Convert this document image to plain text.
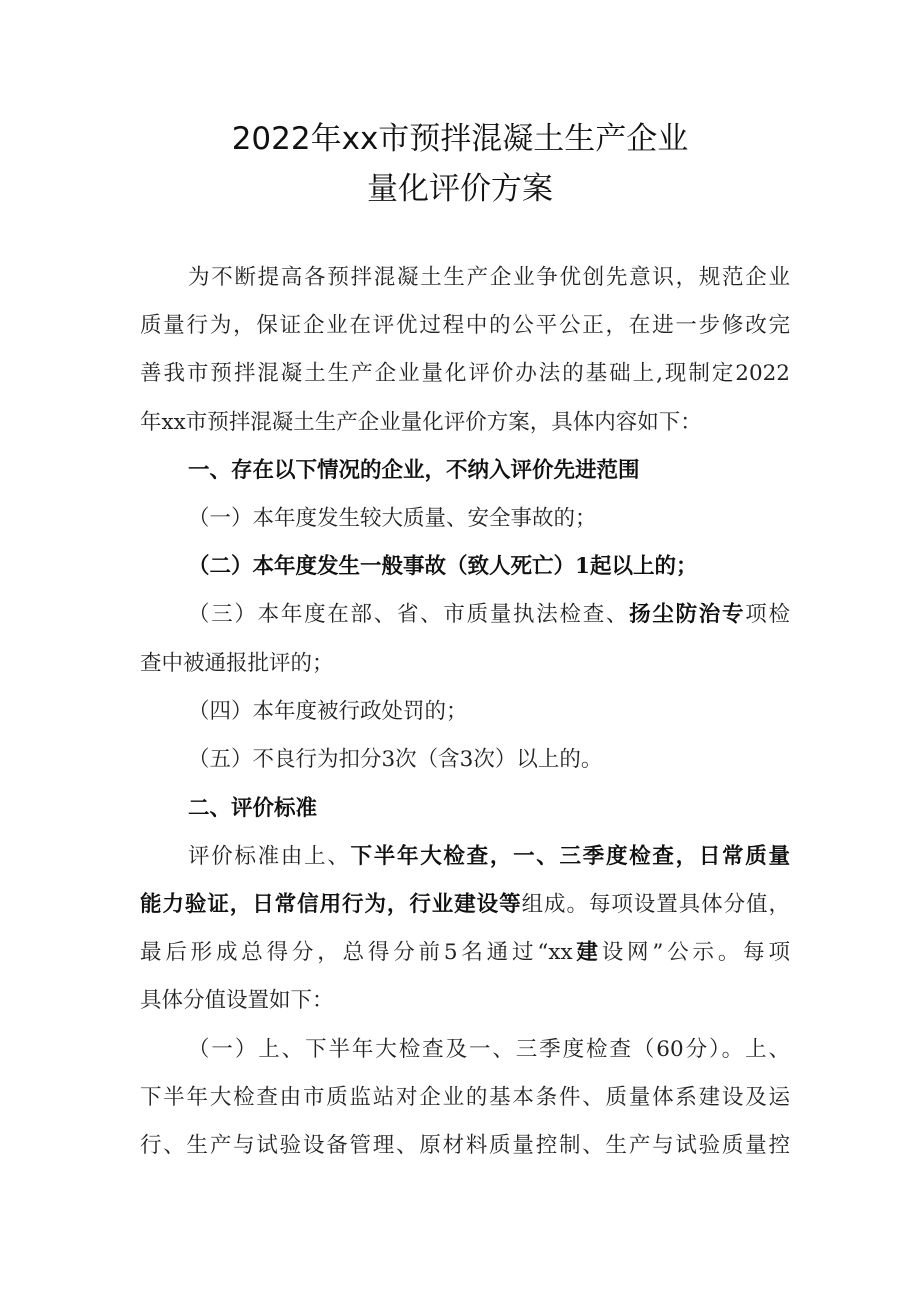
2022年xx市预拌混凝土生产企业
量化评价方案
为不断提高各预拌混凝土生产企业争优创先意识，规范企业
质量行为，保证企业在评优过程中的公平公正，在进一步修改完
善我市预拌混凝土生产企业量化评价办法的基础上,现制定2022
年xx市预拌混凝土生产企业量化评价方案，具体内容如下：
一、存在以下情况的企业，不纳入评价先进范围
（一）本年度发生较大质量、安全事故的；
（二）本年度发生一般事故（致人死亡）1起以上的；
（三）本年度在部、省、市质量执法检查、扬尘防治专项检
查中被通报批评的；
（四）本年度被行政处罚的；
（五）不良行为扣分3次（含3次）以上的。
二、评价标准
评价标准由上、下半年大检查，一、三季度检查，日常质量
能力验证，日常信用行为，行业建设等组成。每项设置具体分值，
最后形成总得分，总得分前5名通过“xx建设网”公示。每项
具体分值设置如下：
（一）上、下半年大检查及一、三季度检查（60分）。上、
下半年大检查由市质监站对企业的基本条件、质量体系建设及运
行、生产与试验设备管理、原材料质量控制、生产与试验质量控
